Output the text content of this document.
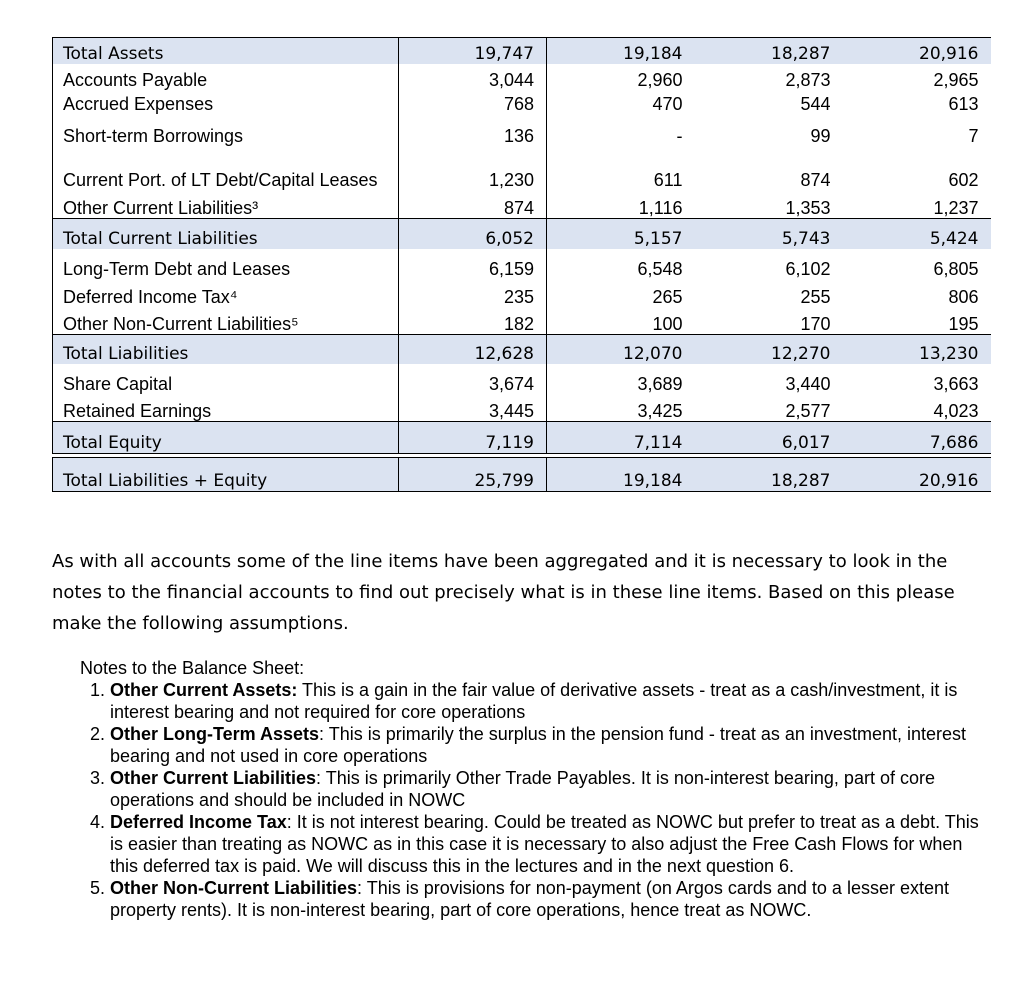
Total Assets	19,747	19,184	18,287	20,916
Accounts Payable	3,044	2,960	2,873	2,965
Accrued Expenses	768	470	544	613
Short-term Borrowings	136	-	99	7
Current Port. of LT Debt/Capital Leases	1,230	611	874	602
Other Current Liabilities³	874	1,116	1,353	1,237
Total Current Liabilities	6,052	5,157	5,743	5,424
Long-Term Debt and Leases	6,159	6,548	6,102	6,805
Deferred Income Tax⁴	235	265	255	806
Other Non-Current Liabilities⁵	182	100	170	195
Total Liabilities	12,628	12,070	12,270	13,230
Share Capital	3,674	3,689	3,440	3,663
Retained Earnings	3,445	3,425	2,577	4,023
Total Equity	7,119	7,114	6,017	7,686

Total Liabilities + Equity	25,799	19,184	18,287	20,916

As with all accounts some of the line items have been aggregated and it is necessary to look in the notes to the financial accounts to find out precisely what is in these line items. Based on this please make the following assumptions.

Notes to the Balance Sheet:

1. Other Current Assets: This is a gain in the fair value of derivative assets - treat as a cash/investment, it is interest bearing and not required for core operations
2. Other Long-Term Assets: This is primarily the surplus in the pension fund - treat as an investment, interest bearing and not used in core operations
3. Other Current Liabilities: This is primarily Other Trade Payables. It is non-interest bearing, part of core operations and should be included in NOWC
4. Deferred Income Tax: It is not interest bearing. Could be treated as NOWC but prefer to treat as a debt. This is easier than treating as NOWC as in this case it is necessary to also adjust the Free Cash Flows for when this deferred tax is paid. We will discuss this in the lectures and in the next question 6.
5. Other Non-Current Liabilities: This is provisions for non-payment (on Argos cards and to a lesser extent property rents). It is non-interest bearing, part of core operations, hence treat as NOWC.
